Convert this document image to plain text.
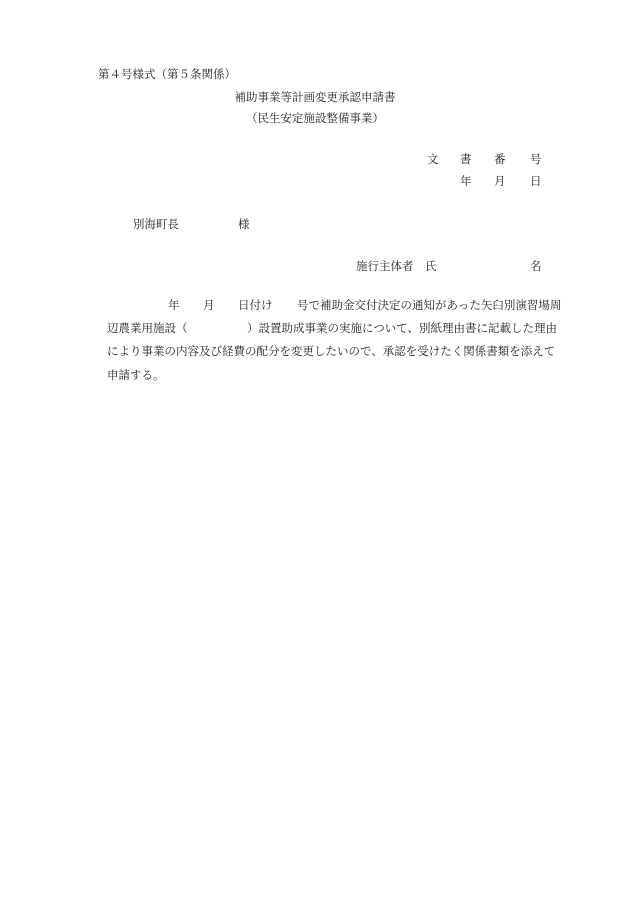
第４号様式（第５条関係）
補助事業等計画変更承認申請書
（民生安定施設整備事業）
文 書 番 号
年 月 日
別海町長	様
施行主体者 氏	名
年 月 日付け 号で補助金交付決定の通知があった矢臼別演習場周
辺農業用施設（	）設置助成事業の実施について、別紙理由書に記載した理由
により事業の内容及び経費の配分を変更したいので、承認を受けたく関係書類を添えて
申請する。
